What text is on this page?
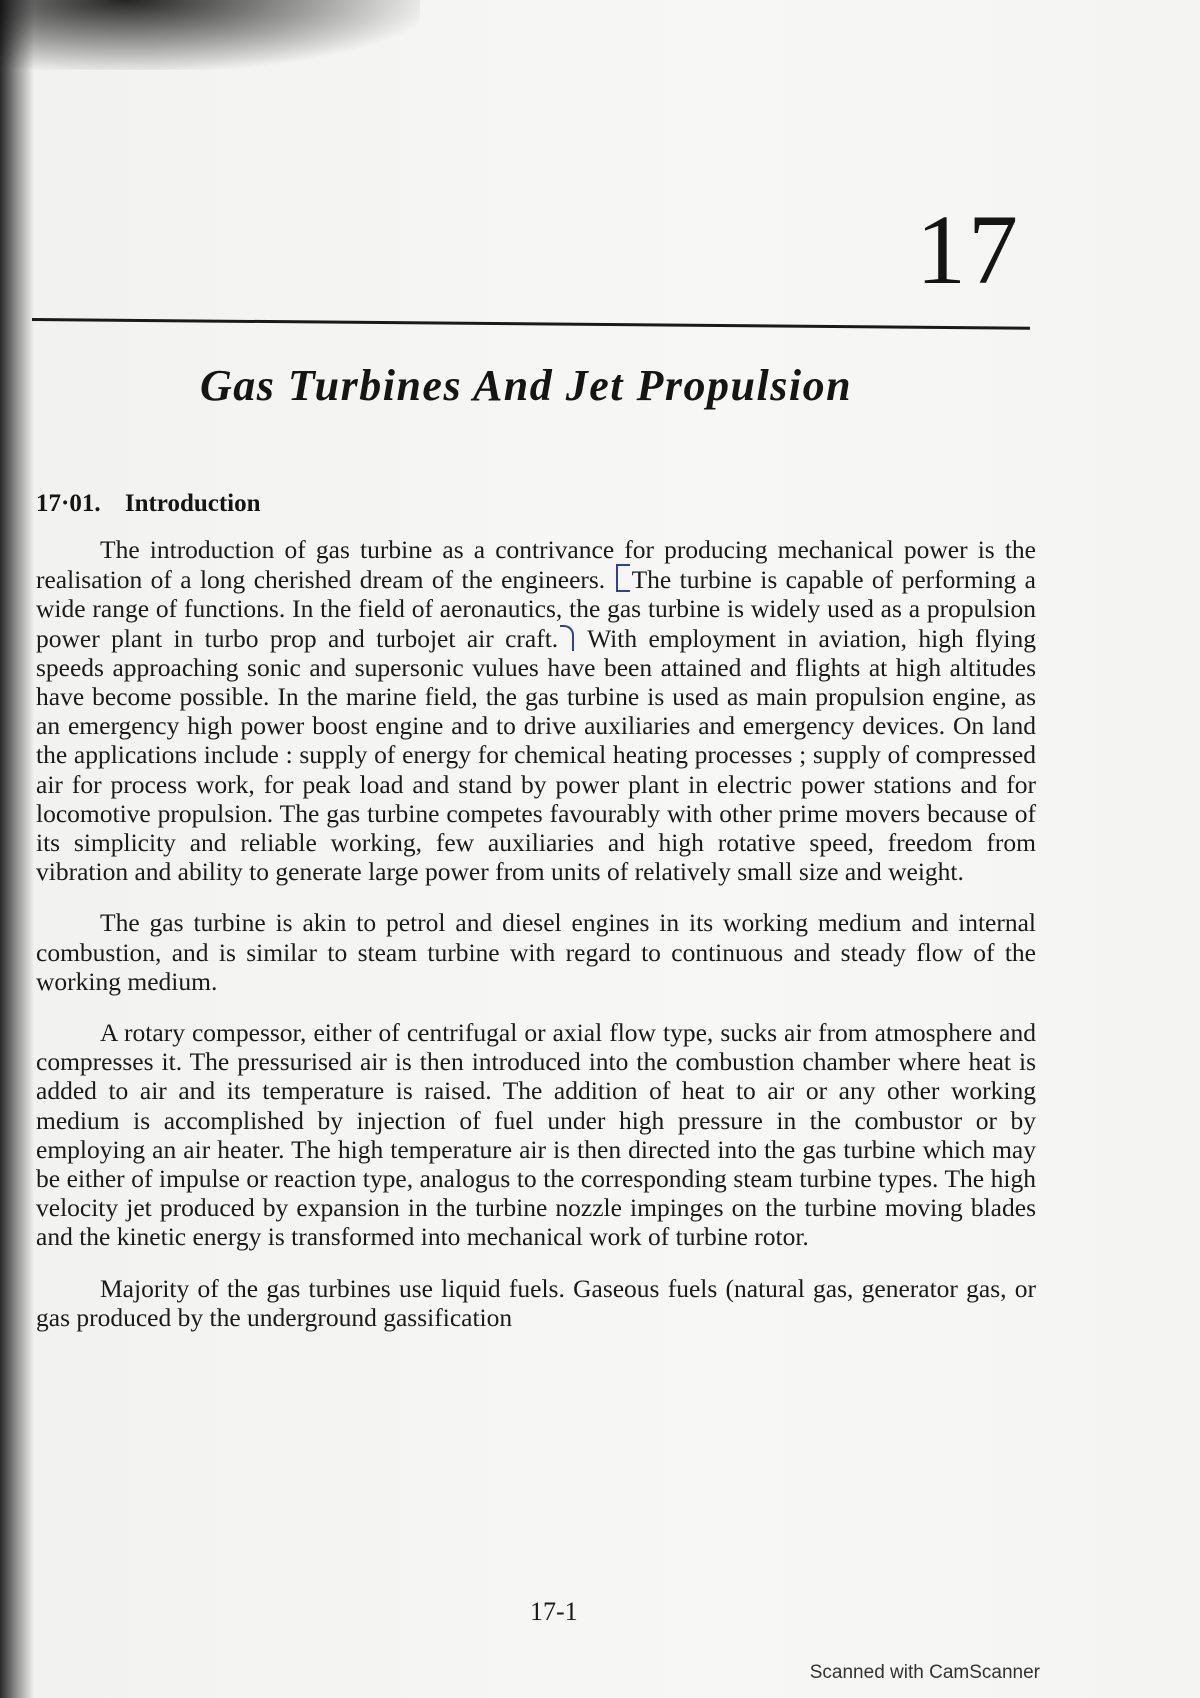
17
Gas Turbines And Jet Propulsion
17·01. Introduction

The introduction of gas turbine as a contrivance for producing mechanical power is the realisation of a long cherished dream of the engineers. The turbine is capable of performing a wide range of functions. In the field of aeronautics, the gas turbine is widely used as a propulsion power plant in turbo prop and turbojet air craft. With employment in aviation, high flying speeds approaching sonic and supersonic vulues have been attained and flights at high altitudes have become possible. In the marine field, the gas turbine is used as main propulsion engine, as an emergency high power boost engine and to drive auxiliaries and emergency devices. On land the applications include : supply of energy for chemical heating processes ; supply of compressed air for process work, for peak load and stand by power plant in electric power stations and for locomotive propulsion. The gas turbine competes favourably with other prime movers because of its simplicity and reliable working, few auxiliaries and high rotative speed, freedom from vibration and ability to generate large power from units of relatively small size and weight.

The gas turbine is akin to petrol and diesel engines in its working medium and internal combustion, and is similar to steam turbine with regard to continuous and steady flow of the working medium.

A rotary compessor, either of centrifugal or axial flow type, sucks air from atmosphere and compresses it. The pressurised air is then introduced into the combustion chamber where heat is added to air and its temperature is raised. The addition of heat to air or any other working medium is accomplished by injection of fuel under high pressure in the combustor or by employing an air heater. The high temperature air is then directed into the gas turbine which may be either of impulse or reaction type, analogus to the corresponding steam turbine types. The high velocity jet produced by expansion in the turbine nozzle impinges on the turbine moving blades and the kinetic energy is transformed into mechanical work of turbine rotor.

Majority of the gas turbines use liquid fuels. Gaseous fuels (natural gas, generator gas, or gas produced by the underground gassification

17-1
Scanned with CamScanner
